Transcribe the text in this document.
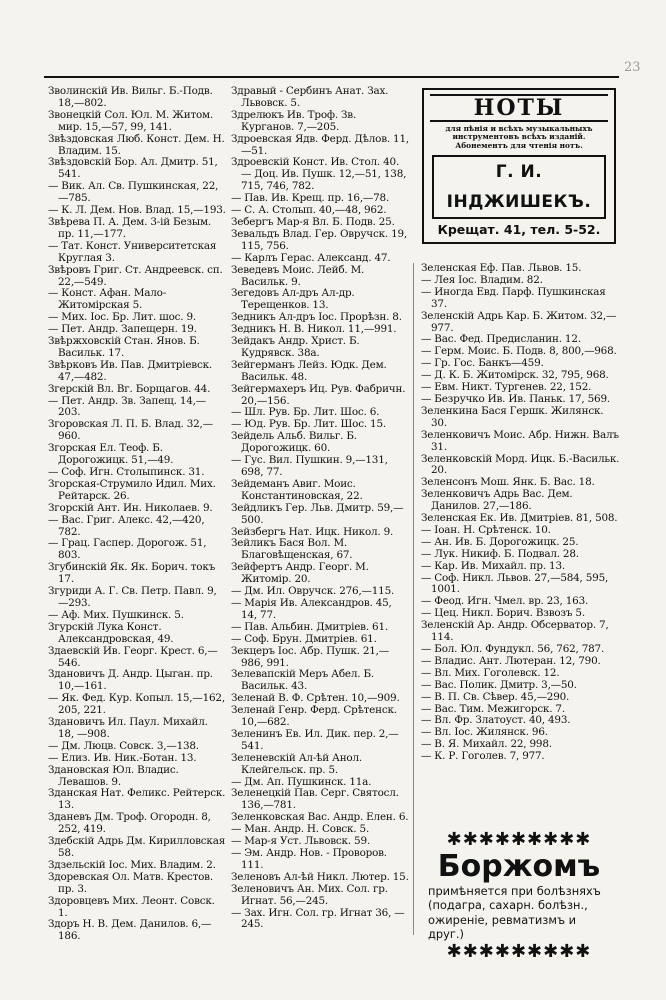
23
Зволинскiй Ив. Вильг. Б.-Подв. 18,—802.
Звонецкiй Сол. Юл. М. Житом. мир. 15,—57, 99, 141.
Звѣздовская Люб. Конст. Дем. Н. Владим. 15.
Звѣздовскiй Бор. Ал. Дмитр. 51, 541.
— Вик. Ал. Св. Пушкинская, 22,—785.
— К. Л. Дем. Нов. Влад. 15,—193.
Звѣрева П. А. Дем. 3-iй Безым. пр. 11,—177.
— Тат. Конст. Университетская Круглая 3.
Звѣровъ Григ. Ст. Андреевск. сп. 22,—549.
— Конст. Афан. Мало-Житомiрская 5.
— Мих. Іос. Бр. Лит. шос. 9.
— Пет. Андр. Запещерн. 19.
Звѣржховскiй Стан. Янов. Б. Васильк. 17.
Звѣрковъ Ив. Пав. Дмитрiевск. 47,—482.
Згерскiй Вл. Вг. Борщагов. 44.
— Пет. Андр. Зв. Запещ. 14,—203.
Згоровская Л. П. Б. Влад. 32,—960.
Згорская Ел. Теоф. Б. Дорогожицк. 51,—49.
— Соф. Игн. Столыпинск. 31.
Згорская-Струмило Идил. Мих. Рейтарск. 26.
Згорскiй Ант. Ин. Николаев. 9.
— Вас. Григ. Алекс. 42,—420, 782.
— Грац. Гаспер. Дорогож. 51, 803.
Згубинскiй Як. Як. Борич. токъ 17.
Згуриди А. Г. Св. Петр. Павл. 9,—293.
— Аф. Мих. Пушкинск. 5.
Згурскiй Лука Конст. Александровская, 49.
Здаевскiй Ив. Георг. Крест. 6,—546.
Здановичъ Д. Андр. Цыган. пр. 10,—161.
— Як. Фед. Кур. Копыл. 15,—162, 205, 221.
Здановичъ Ил. Паул. Михайл. 18, —908.
— Дм. Люцв. Совск. 3,—138.
— Елиз. Ив. Ник.-Ботан. 13.
Здановская Юл. Владис. Левашов. 9.
Зданская Нат. Феликс. Рейтерск. 13.
Зданевъ Дм. Троф. Огородн. 8, 252, 419.
Здебскiй Адрь Дм. Кирилловская 58.
Здзельскiй Іос. Мих. Владим. 2.
Здоревская Ол. Матв. Крестов. пр. 3.
Здоровцевъ Мих. Леонт. Совск. 1.
Здоръ Н. В. Дем. Данилов. 6,—186.
Здравый - Сербинъ Анат. Зах. Львовск. 5.
Здрелюкъ Ив. Троф. Зв. Курганов. 7,—205.
Здроевская Ядв. Ферд. Дѣлов. 11,—51.
Здроевскiй Конст. Ив. Стол. 40. — Доц. Ив. Пушк. 12,—51, 138, 715, 746, 782.
— Пав. Ив. Крещ. пр. 16,—78.
— С. А. Столып. 40,—48, 962.
Зебергъ Мар-я Вл. Б. Подв. 25.
Зевальдъ Влад. Гер. Овручск. 19, 115, 756.
— Карлъ Герас. Александ. 47.
Зеведевъ Моис. Лейб. М. Васильк. 9.
Зегедовъ Ал-дръ Ал-др. Терещенков. 13.
Зедникъ Ал-дръ Іос. Прорѣзн. 8.
Зедникъ Н. В. Никол. 11,—991.
Зейдакъ Андр. Христ. Б. Кудрявск. 38а.
Зейгерманъ Лейз. Юдк. Дем. Васильк. 48.
Зейгермахеръ Иц. Рув. Фабричн. 20,—156.
— Шл. Рув. Бр. Лит. Шос. 6.
— Юд. Рув. Бр. Лит. Шос. 15.
Зейдель Альб. Вильг. Б. Дорогожицк. 60.
— Гус. Вил. Пушкин. 9,—131, 698, 77.
Зейдеманъ Авиг. Моис. Константиновская, 22.
Зейдликъ Гер. Льв. Дмитр. 59,—500.
Зейзбергъ Нат. Ицк. Никол. 9.
Зейликъ Бася Вол. М. Благовѣщенская, 67.
Зейфертъ Андр. Георг. М. Житомiр. 20.
— Дм. Ил. Овручск. 276,—115.
— Марiя Ив. Александров. 45, 14, 77.
— Пав. Альбин. Дмитрiев. 61.
— Соф. Брун. Дмитрiев. 61.
Зекцеръ Іос. Абр. Пушк. 21,—986, 991.
Зелевапскiй Меръ Абел. Б. Васильк. 43.
Зеленай В. Ф. Срѣтен. 10,—909.
Зеленай Генр. Ферд. Срѣтенск. 10,—682.
Зеленинъ Ев. Ил. Дик. пер. 2,—541.
Зеленевскiй Ал-ѣй Анол. Клейгельск. пр. 5.
— Дм. Ап. Пушкинск. 11а.
Зеленецкiй Пав. Серг. Святосл. 136,—781.
Зеленковская Вас. Андр. Елен. 6.
— Ман. Андр. Н. Совск. 5.
— Мар-я Уст. Львовск. 59.
— Эм. Андр. Нов. - Проворов. 111.
Зеленовъ Ал-ѣй Никл. Лютер. 15.
Зеленовичъ Ан. Мих. Сол. гр. Игнат. 56,—245.
— Зах. Игн. Сол. гр. Игнат 36, —245.
Зеленская Еф. Пав. Львов. 15.
— Лея Іос. Владим. 82.
— Иногда Евд. Парф. Пушкинская 37.
Зеленскiй Адрь Кар. Б. Житом. 32,—977.
— Вас. Фед. Предисланин. 12.
— Герм. Моис. Б. Подв. 8, 800,—968.
— Гр. Гос. Банкъ—459.
— Д. К. Б. Житомiрск. 32, 795, 968.
— Евм. Никт. Тургенев. 22, 152.
— Безручко Ив. Ив. Паньк. 17, 569.
Зеленкина Бася Гершк. Жилянск. 30.
Зеленковичъ Моис. Абр. Нижн. Валъ 31.
Зеленковскiй Морд. Ицк. Б.-Васильк. 20.
Зеленсонъ Мош. Янк. Б. Вас. 18.
Зеленковичъ Адрь Вас. Дем. Данилов. 27,—186.
Зеленская Ек. Ив. Дмитрiев. 81, 508.
— Іоан. Н. Срѣтенск. 10.
— Ан. Ив. Б. Дорогожицк. 25.
— Лук. Никиф. Б. Подвал. 28.
— Кар. Ив. Михайл. пр. 13.
— Соф. Никл. Львов. 27,—584, 595, 1001.
— Феод. Игн. Чмел. вр. 23, 163.
— Цец. Никл. Борич. Взвозъ 5.
Зеленскiй Ар. Андр. Обсерватор. 7, 114.
— Бол. Юл. Фундукл. 56, 762, 787.
— Владис. Ант. Лютеран. 12, 790.
— Вл. Мих. Гоголевск. 12.
— Вас. Полик. Дмитр. 3,—50.
— В. П. Св. Сѣвер. 45,—290.
— Вас. Тим. Межигорск. 7.
— Вл. Фр. Златоуст. 40, 493.
— Вл. Іос. Жилянск. 96.
— В. Я. Михайл. 22, 998.
— К. Р. Гоголев. 7, 977.
НОТЫ
для пѣнiя и всѣхъ музыкальныхъ инструментовъ всѣхъ изданiй. Абонементъ для чтенiя нотъ.
Г. И. ІНДЖИШЕКЪ.
Крещат. 41, тел. 5-52.
✱✱✱✱✱✱✱✱✱
Боржомъ
примѣняется при болѣзняхъ (подагра, сахарн. болѣзн., ожиренiе, ревматизмъ и друг.)
✱✱✱✱✱✱✱✱✱
